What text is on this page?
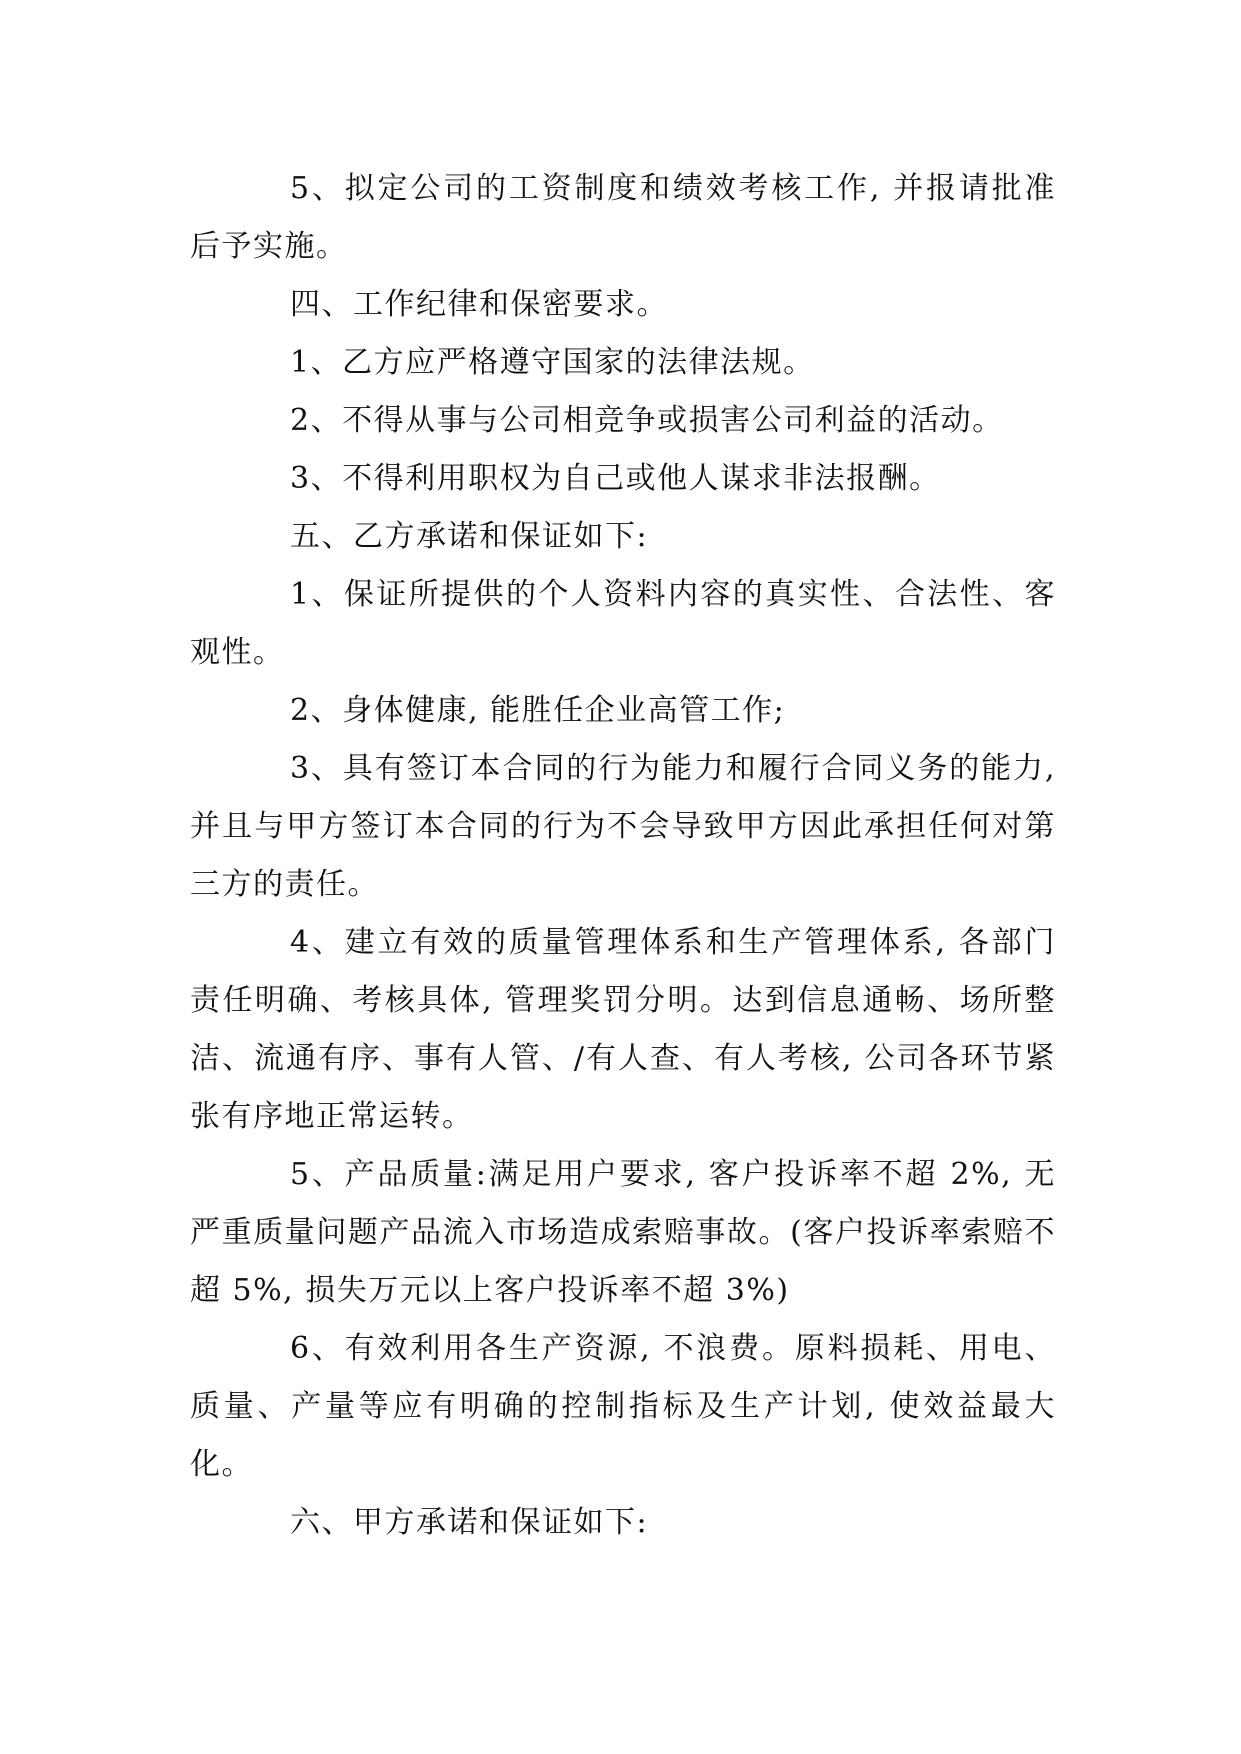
5、拟定公司的工资制度和绩效考核工作, 并报请批准后予实施。

四、工作纪律和保密要求。

1、乙方应严格遵守国家的法律法规。

2、不得从事与公司相竞争或损害公司利益的活动。

3、不得利用职权为自己或他人谋求非法报酬。

五、乙方承诺和保证如下:

1、保证所提供的个人资料内容的真实性、合法性、客观性。

2、身体健康, 能胜任企业高管工作;

3、具有签订本合同的行为能力和履行合同义务的能力, 并且与甲方签订本合同的行为不会导致甲方因此承担任何对第三方的责任。

4、建立有效的质量管理体系和生产管理体系, 各部门责任明确、考核具体, 管理奖罚分明。达到信息通畅、场所整洁、流通有序、事有人管、/有人查、有人考核, 公司各环节紧张有序地正常运转。

5、产品质量:满足用户要求, 客户投诉率不超 2%, 无严重质量问题产品流入市场造成索赔事故。(客户投诉率索赔不超 5%, 损失万元以上客户投诉率不超 3%)

6、有效利用各生产资源, 不浪费。原料损耗、用电、质量、产量等应有明确的控制指标及生产计划, 使效益最大化。

六、甲方承诺和保证如下:
